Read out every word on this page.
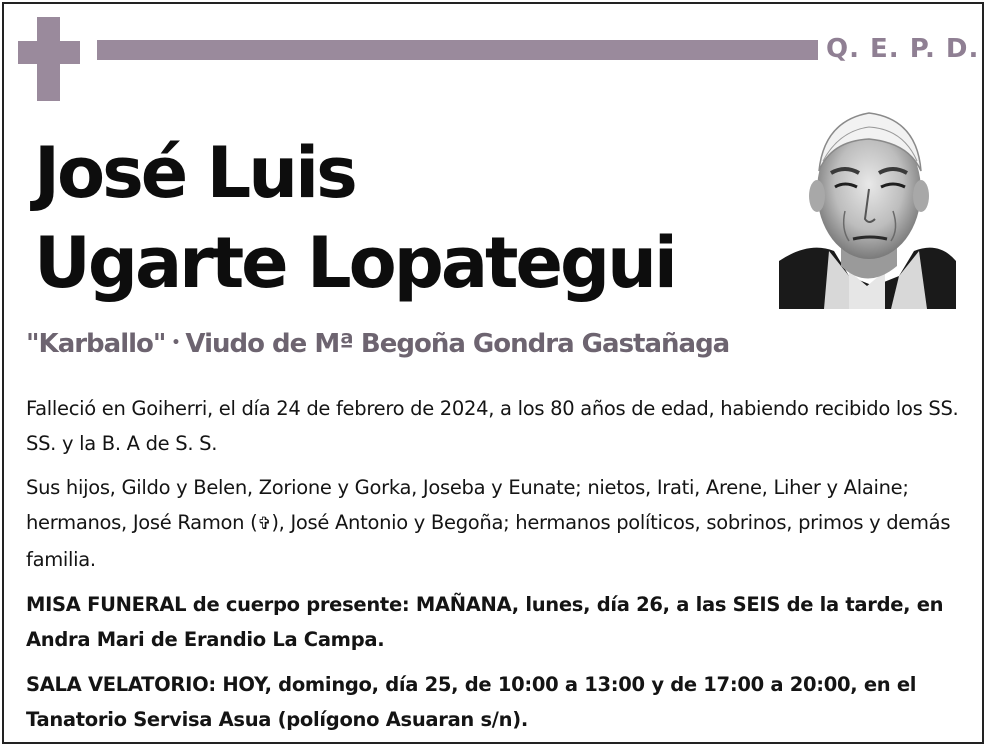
Q. E. P. D.
José Luis
Ugarte Lopategui
"Karballo" • Viudo de Mª Begoña Gondra Gastañaga

Falleció en Goiherri, el día 24 de febrero de 2024, a los 80 años de edad, habiendo recibido los SS. SS. y la B. A de S. S.

Sus hijos, Gildo y Belen, Zorione y Gorka, Joseba y Eunate; nietos, Irati, Arene, Liher y Alaine; hermanos, José Ramon (✞), José Antonio y Begoña; hermanos políticos, sobrinos, primos y demás familia.

MISA FUNERAL de cuerpo presente: MAÑANA, lunes, día 26, a las SEIS de la tarde, en Andra Mari de Erandio La Campa.

SALA VELATORIO: HOY, domingo, día 25, de 10:00 a 13:00 y de 17:00 a 20:00, en el Tanatorio Servisa Asua (polígono Asuaran s/n).
